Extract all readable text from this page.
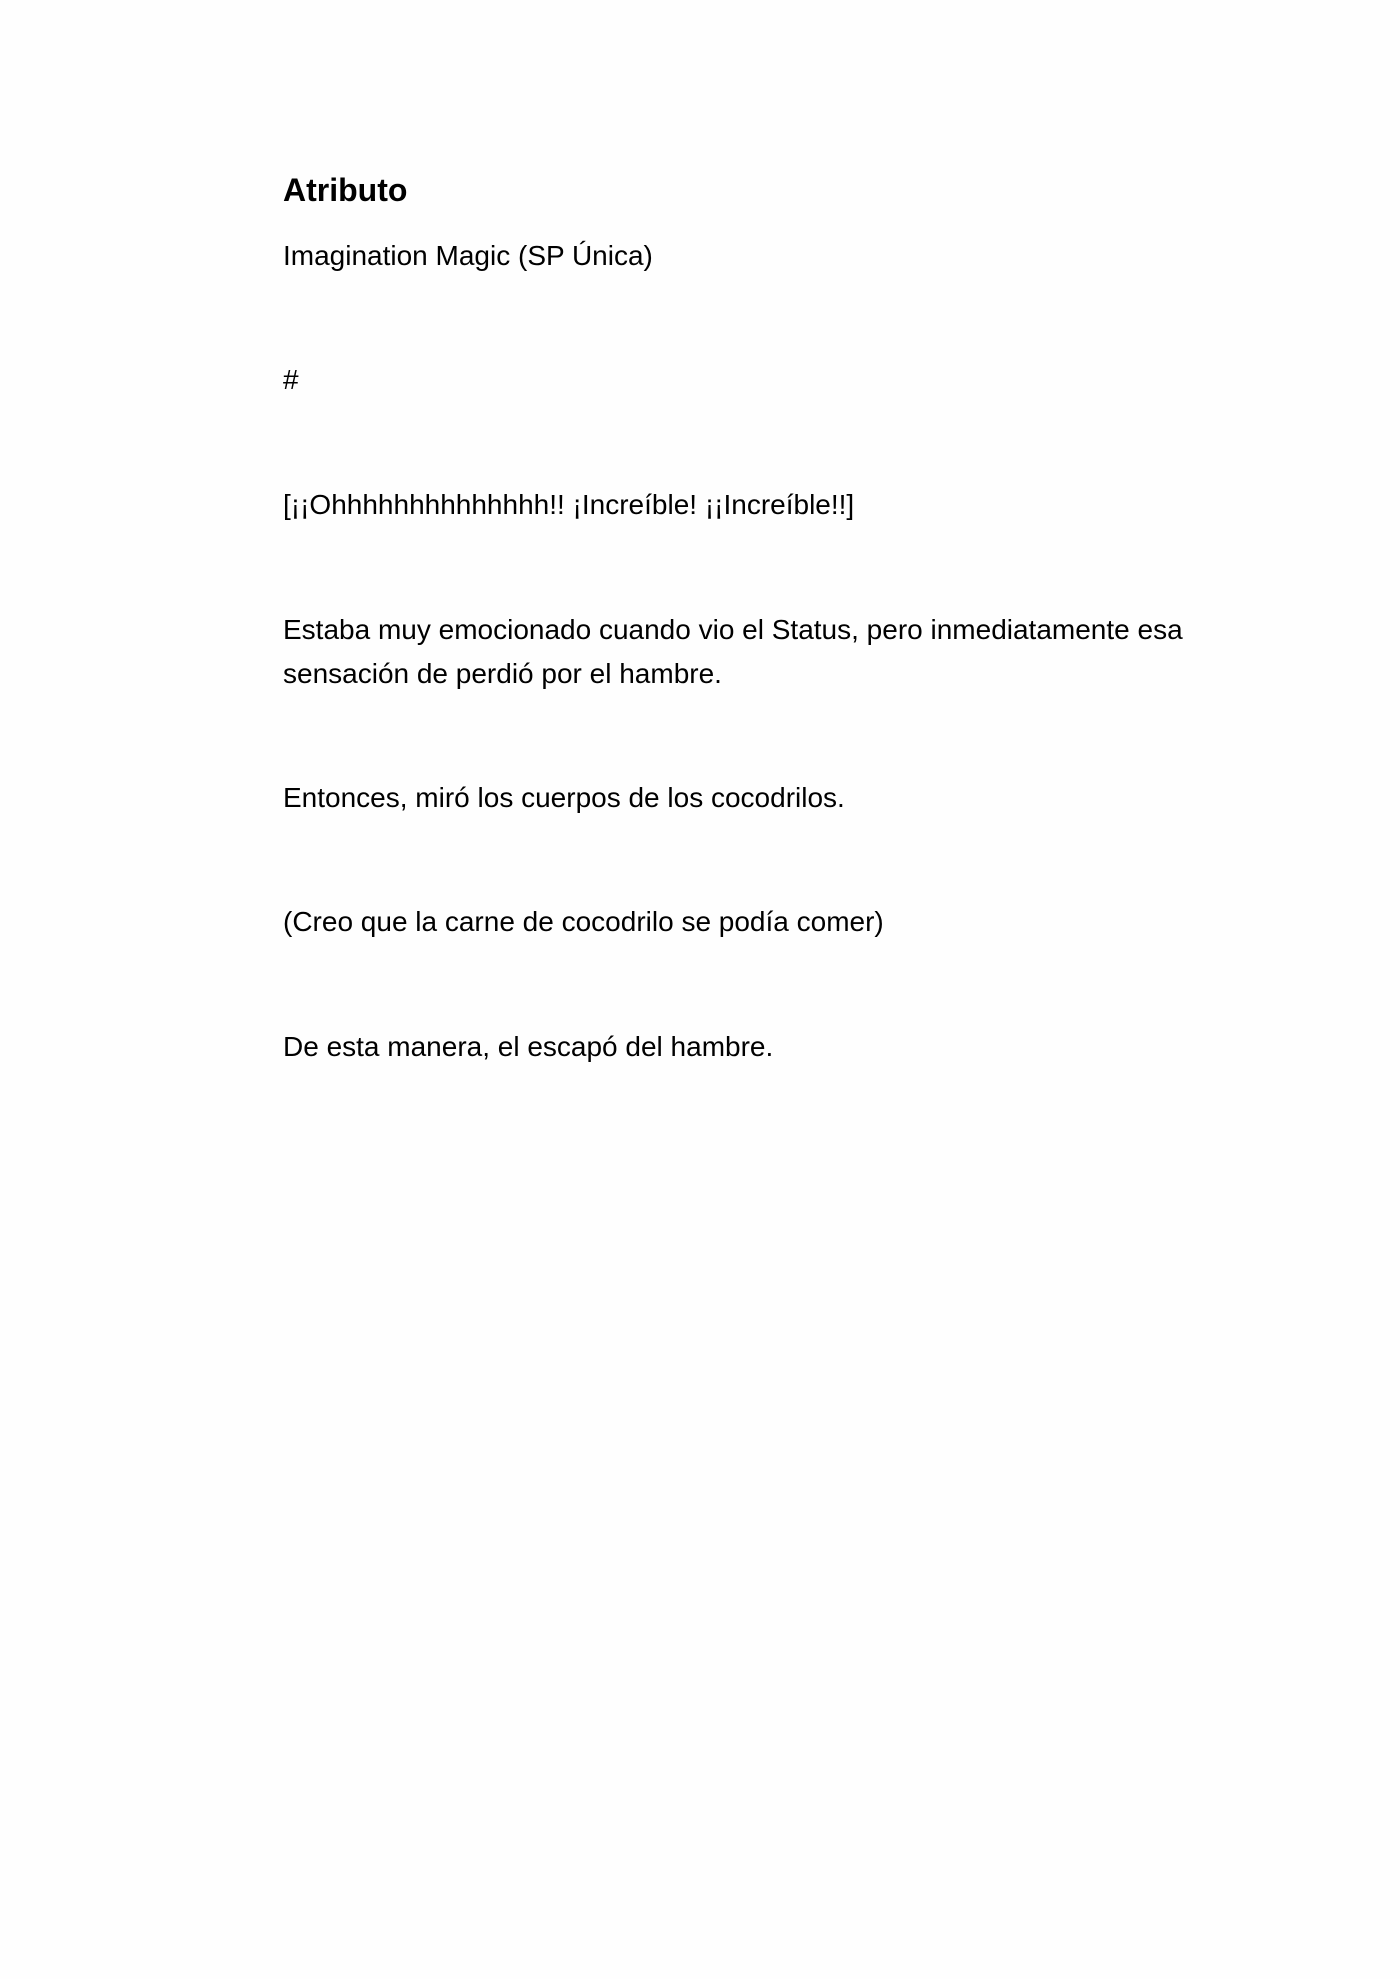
Atributo
Imagination Magic (SP Única)
#
[¡¡Ohhhhhhhhhhhhhh!! ¡Increíble! ¡¡Increíble!!]
Estaba muy emocionado cuando vio el Status, pero inmediatamente esa sensación de perdió por el hambre.
Entonces, miró los cuerpos de los cocodrilos.
(Creo que la carne de cocodrilo se podía comer)
De esta manera, el escapó del hambre.
